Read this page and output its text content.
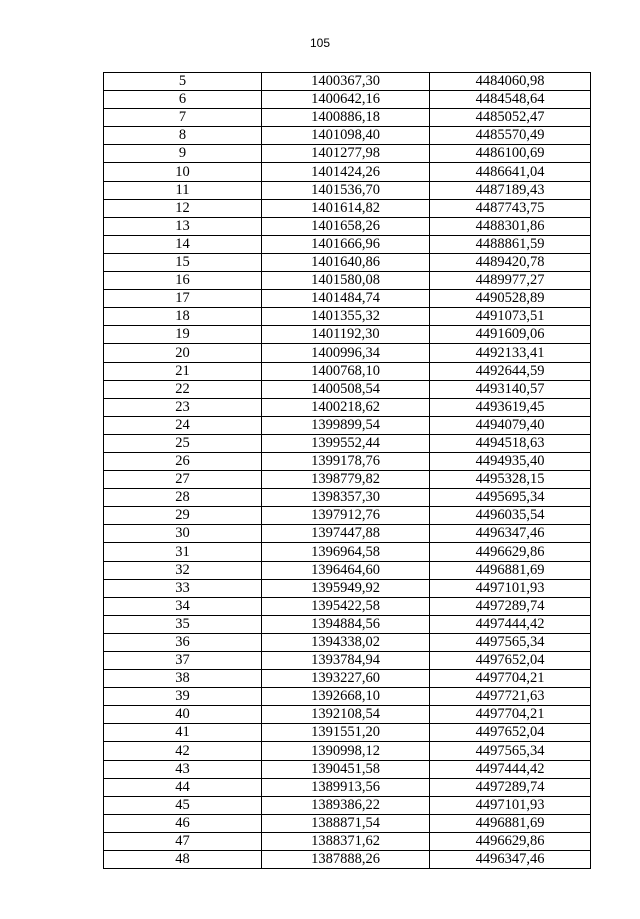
105
5	1400367,30	4484060,98
6	1400642,16	4484548,64
7	1400886,18	4485052,47
8	1401098,40	4485570,49
9	1401277,98	4486100,69
10	1401424,26	4486641,04
11	1401536,70	4487189,43
12	1401614,82	4487743,75
13	1401658,26	4488301,86
14	1401666,96	4488861,59
15	1401640,86	4489420,78
16	1401580,08	4489977,27
17	1401484,74	4490528,89
18	1401355,32	4491073,51
19	1401192,30	4491609,06
20	1400996,34	4492133,41
21	1400768,10	4492644,59
22	1400508,54	4493140,57
23	1400218,62	4493619,45
24	1399899,54	4494079,40
25	1399552,44	4494518,63
26	1399178,76	4494935,40
27	1398779,82	4495328,15
28	1398357,30	4495695,34
29	1397912,76	4496035,54
30	1397447,88	4496347,46
31	1396964,58	4496629,86
32	1396464,60	4496881,69
33	1395949,92	4497101,93
34	1395422,58	4497289,74
35	1394884,56	4497444,42
36	1394338,02	4497565,34
37	1393784,94	4497652,04
38	1393227,60	4497704,21
39	1392668,10	4497721,63
40	1392108,54	4497704,21
41	1391551,20	4497652,04
42	1390998,12	4497565,34
43	1390451,58	4497444,42
44	1389913,56	4497289,74
45	1389386,22	4497101,93
46	1388871,54	4496881,69
47	1388371,62	4496629,86
48	1387888,26	4496347,46
